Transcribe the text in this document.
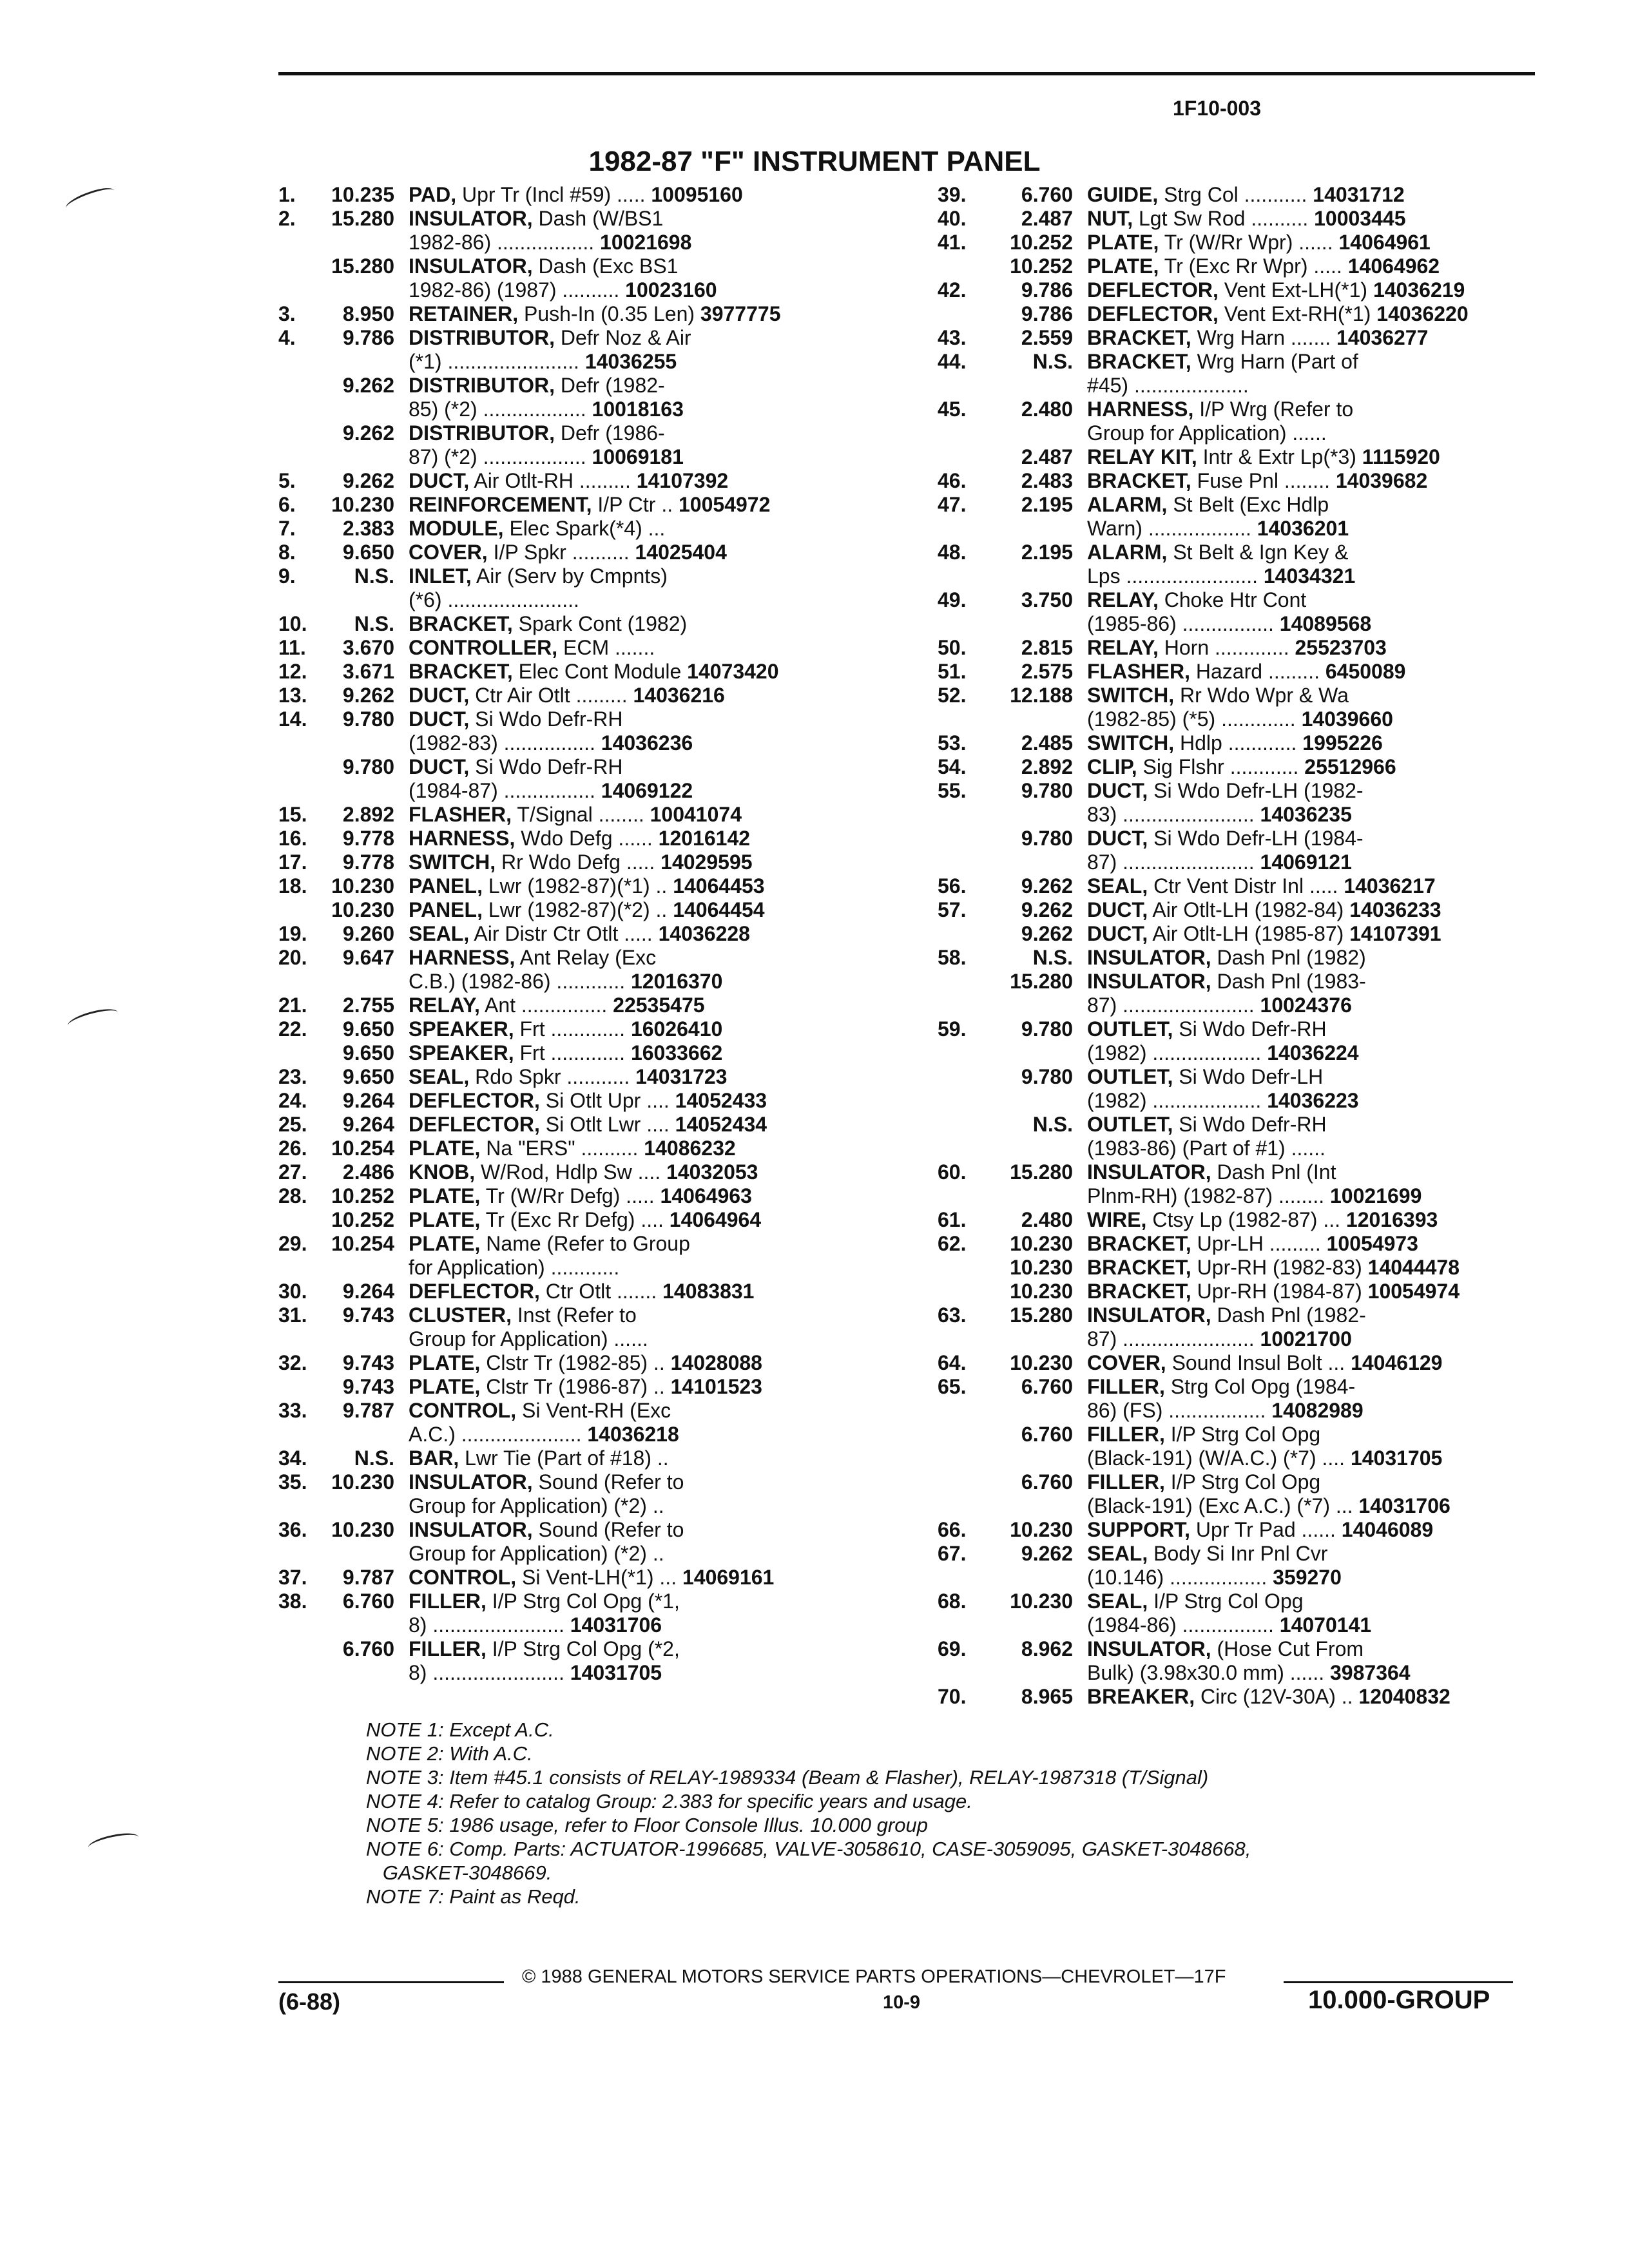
1F10-003
1982-87 "F" INSTRUMENT PANEL
1.	10.235 PAD, Upr Tr (Incl #59) ..... 10095160
2.	15.280 INSULATOR, Dash (W/BS1
1982-86) ................. 10021698
15.280 INSULATOR, Dash (Exc BS1
1982-86) (1987) .......... 10023160
3.	8.950 RETAINER, Push-In (0.35 Len) 3977775
4.	9.786 DISTRIBUTOR, Defr Noz & Air
(*1) ....................... 14036255
9.262 DISTRIBUTOR, Defr (1982-
85) (*2) .................. 10018163
9.262 DISTRIBUTOR, Defr (1986-
87) (*2) .................. 10069181
5.	9.262 DUCT, Air Otlt-RH ......... 14107392
6.	10.230 REINFORCEMENT, I/P Ctr .. 10054972
7.	2.383 MODULE, Elec Spark(*4) ...
8.	9.650 COVER, I/P Spkr .......... 14025404
9.	N.S. INLET, Air (Serv by Cmpnts)
(*6) .......................
10.	N.S. BRACKET, Spark Cont (1982)
11.	3.670 CONTROLLER, ECM .......
12.	3.671 BRACKET, Elec Cont Module 14073420
13.	9.262 DUCT, Ctr Air Otlt ......... 14036216
14.	9.780 DUCT, Si Wdo Defr-RH
(1982-83) ................ 14036236
9.780 DUCT, Si Wdo Defr-RH
(1984-87) ................ 14069122
15.	2.892 FLASHER, T/Signal ........ 10041074
16.	9.778 HARNESS, Wdo Defg ...... 12016142
17.	9.778 SWITCH, Rr Wdo Defg ..... 14029595
18.	10.230 PANEL, Lwr (1982-87)(*1) .. 14064453
10.230 PANEL, Lwr (1982-87)(*2) .. 14064454
19.	9.260 SEAL, Air Distr Ctr Otlt ..... 14036228
20.	9.647 HARNESS, Ant Relay (Exc
C.B.) (1982-86) ............ 12016370
21.	2.755 RELAY, Ant ............... 22535475
22.	9.650 SPEAKER, Frt ............. 16026410
9.650 SPEAKER, Frt ............. 16033662
23.	9.650 SEAL, Rdo Spkr ........... 14031723
24.	9.264 DEFLECTOR, Si Otlt Upr .... 14052433
25.	9.264 DEFLECTOR, Si Otlt Lwr .... 14052434
26.	10.254 PLATE, Na "ERS" .......... 14086232
27.	2.486 KNOB, W/Rod, Hdlp Sw .... 14032053
28.	10.252 PLATE, Tr (W/Rr Defg) ..... 14064963
10.252 PLATE, Tr (Exc Rr Defg) .... 14064964
29.	10.254 PLATE, Name (Refer to Group
for Application) ............
30.	9.264 DEFLECTOR, Ctr Otlt ....... 14083831
31.	9.743 CLUSTER, Inst (Refer to
Group for Application) ......
32.	9.743 PLATE, Clstr Tr (1982-85) .. 14028088
9.743 PLATE, Clstr Tr (1986-87) .. 14101523
33.	9.787 CONTROL, Si Vent-RH (Exc
A.C.) ..................... 14036218
34.	N.S. BAR, Lwr Tie (Part of #18) ..
35.	10.230 INSULATOR, Sound (Refer to
Group for Application) (*2) ..
36.	10.230 INSULATOR, Sound (Refer to
Group for Application) (*2) ..
37.	9.787 CONTROL, Si Vent-LH(*1) ... 14069161
38.	6.760 FILLER, I/P Strg Col Opg (*1,
8) ....................... 14031706
6.760 FILLER, I/P Strg Col Opg (*2,
8) ....................... 14031705
39.	6.760 GUIDE, Strg Col ........... 14031712
40.	2.487 NUT, Lgt Sw Rod .......... 10003445
41.	10.252 PLATE, Tr (W/Rr Wpr) ...... 14064961
10.252 PLATE, Tr (Exc Rr Wpr) ..... 14064962
42.	9.786 DEFLECTOR, Vent Ext-LH(*1) 14036219
9.786 DEFLECTOR, Vent Ext-RH(*1) 14036220
43.	2.559 BRACKET, Wrg Harn ....... 14036277
44.	N.S. BRACKET, Wrg Harn (Part of
#45) ....................
45.	2.480 HARNESS, I/P Wrg (Refer to
Group for Application) ......
2.487 RELAY KIT, Intr & Extr Lp(*3) 1115920
46.	2.483 BRACKET, Fuse Pnl ........ 14039682
47.	2.195 ALARM, St Belt (Exc Hdlp
Warn) .................. 14036201
48.	2.195 ALARM, St Belt & Ign Key &
Lps ....................... 14034321
49.	3.750 RELAY, Choke Htr Cont
(1985-86) ................ 14089568
50.	2.815 RELAY, Horn ............. 25523703
51.	2.575 FLASHER, Hazard ......... 6450089
52.	12.188 SWITCH, Rr Wdo Wpr & Wa
(1982-85) (*5) ............. 14039660
53.	2.485 SWITCH, Hdlp ............ 1995226
54.	2.892 CLIP, Sig Flshr ............ 25512966
55.	9.780 DUCT, Si Wdo Defr-LH (1982-
83) ....................... 14036235
9.780 DUCT, Si Wdo Defr-LH (1984-
87) ....................... 14069121
56.	9.262 SEAL, Ctr Vent Distr Inl ..... 14036217
57.	9.262 DUCT, Air Otlt-LH (1982-84) 14036233
9.262 DUCT, Air Otlt-LH (1985-87) 14107391
58.	N.S. INSULATOR, Dash Pnl (1982)
15.280 INSULATOR, Dash Pnl (1983-
87) ....................... 10024376
59.	9.780 OUTLET, Si Wdo Defr-RH
(1982) ................... 14036224
9.780 OUTLET, Si Wdo Defr-LH
(1982) ................... 14036223
N.S. OUTLET, Si Wdo Defr-RH
(1983-86) (Part of #1) ......
60.	15.280 INSULATOR, Dash Pnl (Int
Plnm-RH) (1982-87) ........ 10021699
61.	2.480 WIRE, Ctsy Lp (1982-87) ... 12016393
62.	10.230 BRACKET, Upr-LH ......... 10054973
10.230 BRACKET, Upr-RH (1982-83) 14044478
10.230 BRACKET, Upr-RH (1984-87) 10054974
63.	15.280 INSULATOR, Dash Pnl (1982-
87) ....................... 10021700
64.	10.230 COVER, Sound Insul Bolt ... 14046129
65.	6.760 FILLER, Strg Col Opg (1984-
86) (FS) ................. 14082989
6.760 FILLER, I/P Strg Col Opg
(Black-191) (W/A.C.) (*7) .... 14031705
6.760 FILLER, I/P Strg Col Opg
(Black-191) (Exc A.C.) (*7) ... 14031706
66.	10.230 SUPPORT, Upr Tr Pad ...... 14046089
67.	9.262 SEAL, Body Si Inr Pnl Cvr
(10.146) ................. 359270
68.	10.230 SEAL, I/P Strg Col Opg
(1984-86) ................ 14070141
69.	8.962 INSULATOR, (Hose Cut From
Bulk) (3.98x30.0 mm) ...... 3987364
70.	8.965 BREAKER, Circ (12V-30A) .. 12040832
NOTE 1: Except A.C.
NOTE 2: With A.C.
NOTE 3: Item #45.1 consists of RELAY-1989334 (Beam & Flasher), RELAY-1987318 (T/Signal)
NOTE 4: Refer to catalog Group: 2.383 for specific years and usage.
NOTE 5: 1986 usage, refer to Floor Console Illus. 10.000 group
NOTE 6: Comp. Parts: ACTUATOR-1996685, VALVE-3058610, CASE-3059095, GASKET-3048668,
GASKET-3048669.
NOTE 7: Paint as Reqd.
© 1988 GENERAL MOTORS SERVICE PARTS OPERATIONS—CHEVROLET—17F
(6-88)	10-9	10.000-GROUP
